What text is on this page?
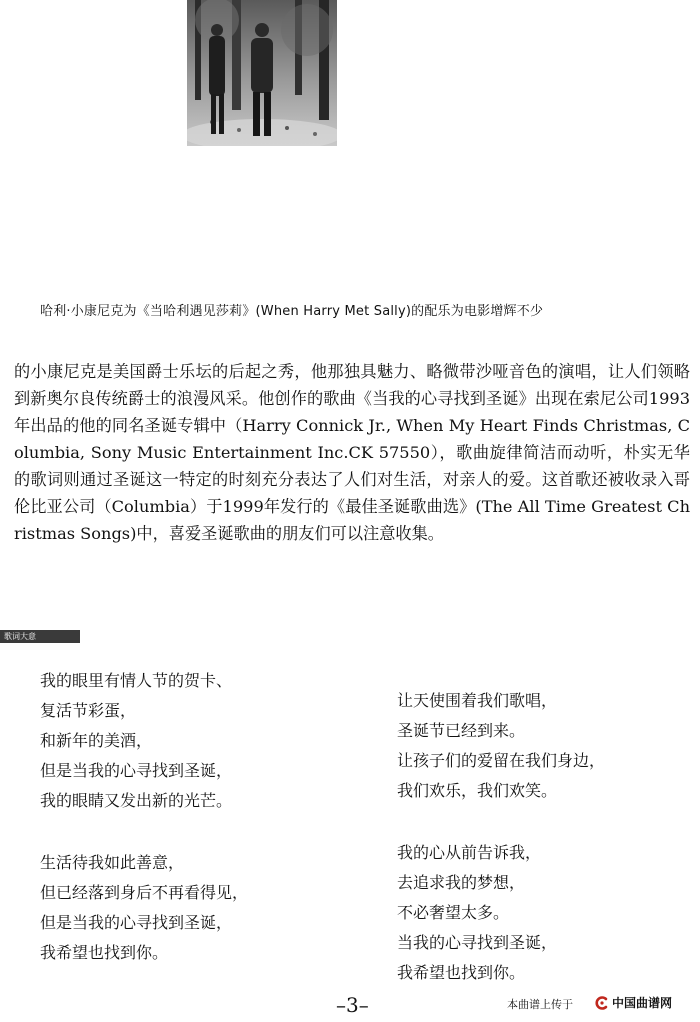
哈利·小康尼克为《当哈利遇见莎莉》(When Harry Met Sally)的配乐为电影增辉不少
的小康尼克是美国爵士乐坛的后起之秀，他那独具魅力、略微带沙哑音色的演唱，让人们领略到新奥尔良传统爵士的浪漫风采。他创作的歌曲《当我的心寻找到圣诞》出现在索尼公司1993年出品的他的同名圣诞专辑中（Harry Connick Jr., When My Heart Finds Christmas, Columbia, Sony Music Entertainment Inc.CK 57550），歌曲旋律简洁而动听，朴实无华的歌词则通过圣诞这一特定的时刻充分表达了人们对生活，对亲人的爱。这首歌还被收录入哥伦比亚公司（Columbia）于1999年发行的《最佳圣诞歌曲选》(The All Time Greatest Christmas Songs)中，喜爱圣诞歌曲的朋友们可以注意收集。
歌词大意
我的眼里有情人节的贺卡、
复活节彩蛋，
和新年的美酒，
但是当我的心寻找到圣诞，
我的眼睛又发出新的光芒。
生活待我如此善意，
但已经落到身后不再看得见，
但是当我的心寻找到圣诞，
我希望也找到你。
让天使围着我们歌唱，
圣诞节已经到来。
让孩子们的爱留在我们身边，
我们欢乐，我们欢笑。
我的心从前告诉我，
去追求我的梦想，
不必奢望太多。
当我的心寻找到圣诞，
我希望也找到你。
–3–	本曲谱上传于	中国曲谱网
